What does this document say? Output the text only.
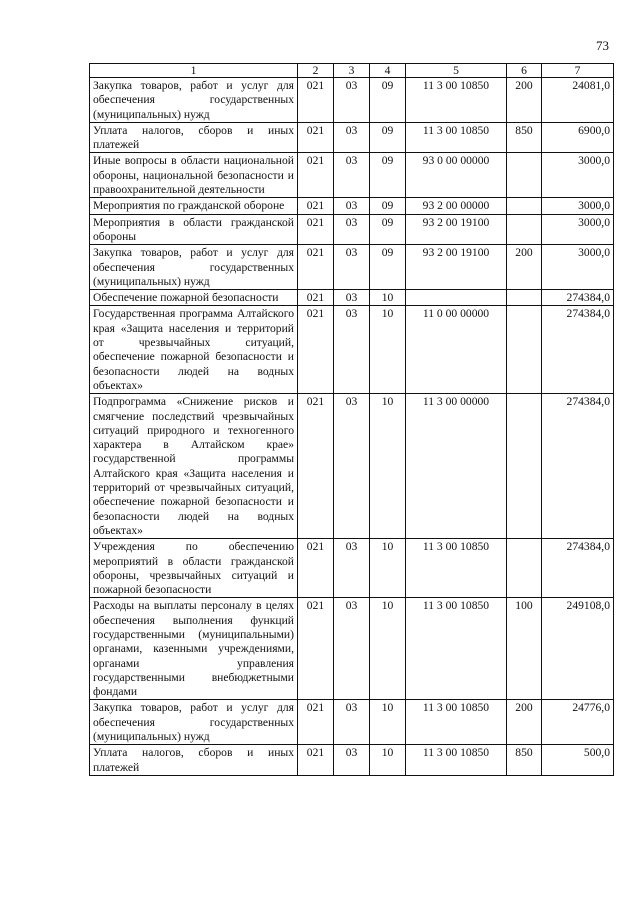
73
1	2	3	4	5	6	7
Закупка товаров, работ и услуг для обеспечения государственных (муниципальных) нужд	021	03	09	11 3 00 10850	200	24081,0
Уплата налогов, сборов и иных платежей	021	03	09	11 3 00 10850	850	6900,0
Иные вопросы в области национальной обороны, национальной безопасности и правоохранительной деятельности	021	03	09	93 0 00 00000		3000,0
Мероприятия по гражданской обороне	021	03	09	93 2 00 00000		3000,0
Мероприятия в области гражданской обороны	021	03	09	93 2 00 19100		3000,0
Закупка товаров, работ и услуг для обеспечения государственных (муниципальных) нужд	021	03	09	93 2 00 19100	200	3000,0
Обеспечение пожарной безопасности	021	03	10			274384,0
Государственная программа Алтайского края «Защита населения и территорий от чрезвычайных ситуаций, обеспечение пожарной безопасности и безопасности людей на водных объектах»	021	03	10	11 0 00 00000		274384,0
Подпрограмма «Снижение рисков и смягчение последствий чрезвычайных ситуаций природного и техногенного характера в Алтайском крае» государственной программы Алтайского края «Защита населения и территорий от чрезвычайных ситуаций, обеспечение пожарной безопасности и безопасности людей на водных объектах»	021	03	10	11 3 00 00000		274384,0
Учреждения по обеспечению мероприятий в области гражданской обороны, чрезвычайных ситуаций и пожарной безопасности	021	03	10	11 3 00 10850		274384,0
Расходы на выплаты персоналу в целях обеспечения выполнения функций государственными (муниципальными) органами, казенными учреждениями, органами управления государственными внебюджетными фондами	021	03	10	11 3 00 10850	100	249108,0
Закупка товаров, работ и услуг для обеспечения государственных (муниципальных) нужд	021	03	10	11 3 00 10850	200	24776,0
Уплата налогов, сборов и иных платежей	021	03	10	11 3 00 10850	850	500,0
